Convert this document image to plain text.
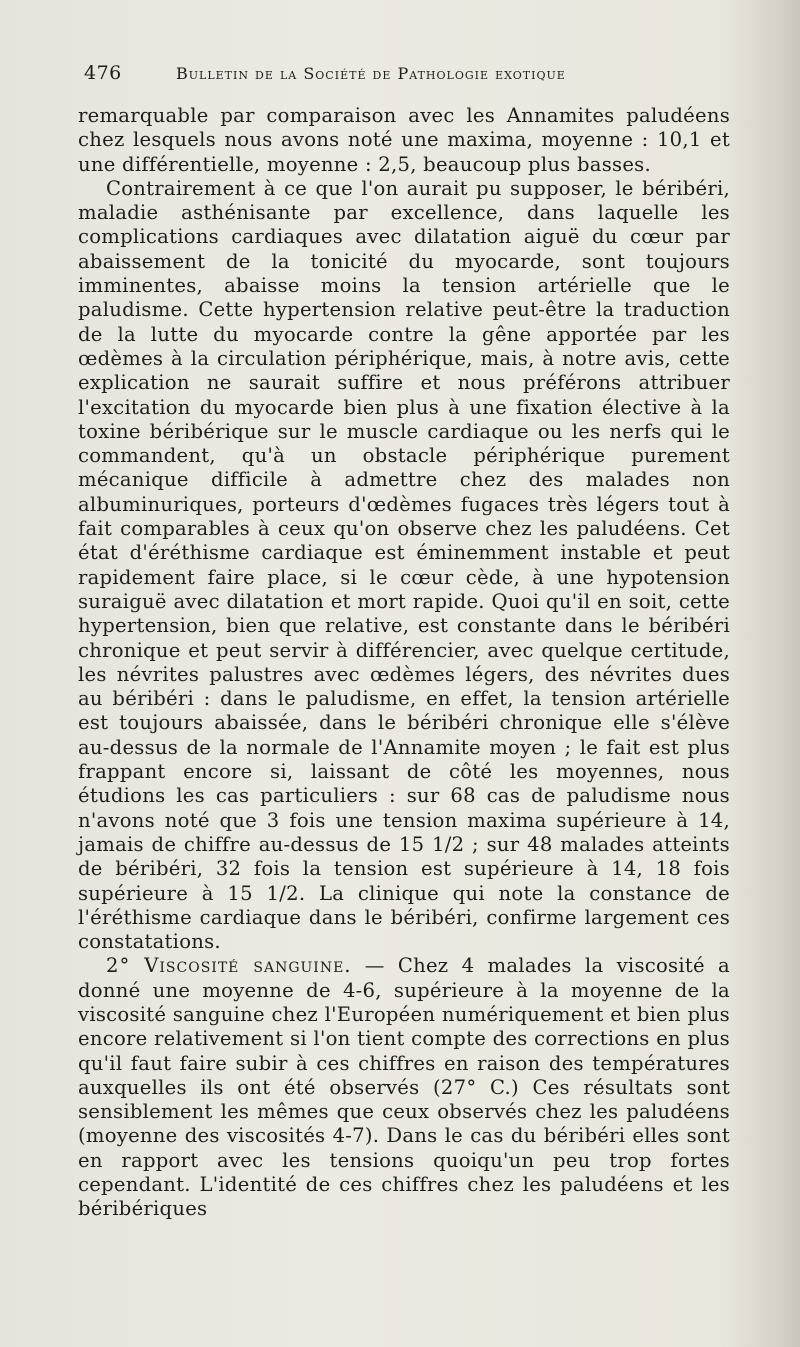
476	Bulletin de la Société de Pathologie exotique

remarquable par comparaison avec les Annamites paludéens chez lesquels nous avons noté une maxima, moyenne : 10,1 et une différentielle, moyenne : 2,5, beaucoup plus basses.

Contrairement à ce que l'on aurait pu supposer, le béribéri, maladie asthénisante par excellence, dans laquelle les complications cardiaques avec dilatation aiguë du cœur par abaissement de la tonicité du myocarde, sont toujours imminentes, abaisse moins la tension artérielle que le paludisme. Cette hypertension relative peut-être la traduction de la lutte du myocarde contre la gêne apportée par les œdèmes à la circulation périphérique, mais, à notre avis, cette explication ne saurait suffire et nous préférons attribuer l'excitation du myocarde bien plus à une fixation élective à la toxine béribérique sur le muscle cardiaque ou les nerfs qui le commandent, qu'à un obstacle périphérique purement mécanique difficile à admettre chez des malades non albuminuriques, porteurs d'œdèmes fugaces très légers tout à fait comparables à ceux qu'on observe chez les paludéens. Cet état d'éréthisme cardiaque est éminemment instable et peut rapidement faire place, si le cœur cède, à une hypotension suraiguë avec dilatation et mort rapide. Quoi qu'il en soit, cette hypertension, bien que relative, est constante dans le béribéri chronique et peut servir à différencier, avec quelque certitude, les névrites palustres avec œdèmes légers, des névrites dues au béribéri : dans le paludisme, en effet, la tension artérielle est toujours abaissée, dans le béribéri chronique elle s'élève au-dessus de la normale de l'Annamite moyen ; le fait est plus frappant encore si, laissant de côté les moyennes, nous étudions les cas particuliers : sur 68 cas de paludisme nous n'avons noté que 3 fois une tension maxima supérieure à 14, jamais de chiffre au-dessus de 15 1/2 ; sur 48 malades atteints de béribéri, 32 fois la tension est supérieure à 14, 18 fois supérieure à 15 1/2. La clinique qui note la constance de l'éréthisme cardiaque dans le béribéri, confirme largement ces constatations.

2° Viscosité sanguine. — Chez 4 malades la viscosité a donné une moyenne de 4-6, supérieure à la moyenne de la viscosité sanguine chez l'Européen numériquement et bien plus encore relativement si l'on tient compte des corrections en plus qu'il faut faire subir à ces chiffres en raison des températures auxquelles ils ont été observés (27° C.) Ces résultats sont sensiblement les mêmes que ceux observés chez les paludéens (moyenne des viscosités 4-7). Dans le cas du béribéri elles sont en rapport avec les tensions quoiqu'un peu trop fortes cependant. L'identité de ces chiffres chez les paludéens et les béribériques
